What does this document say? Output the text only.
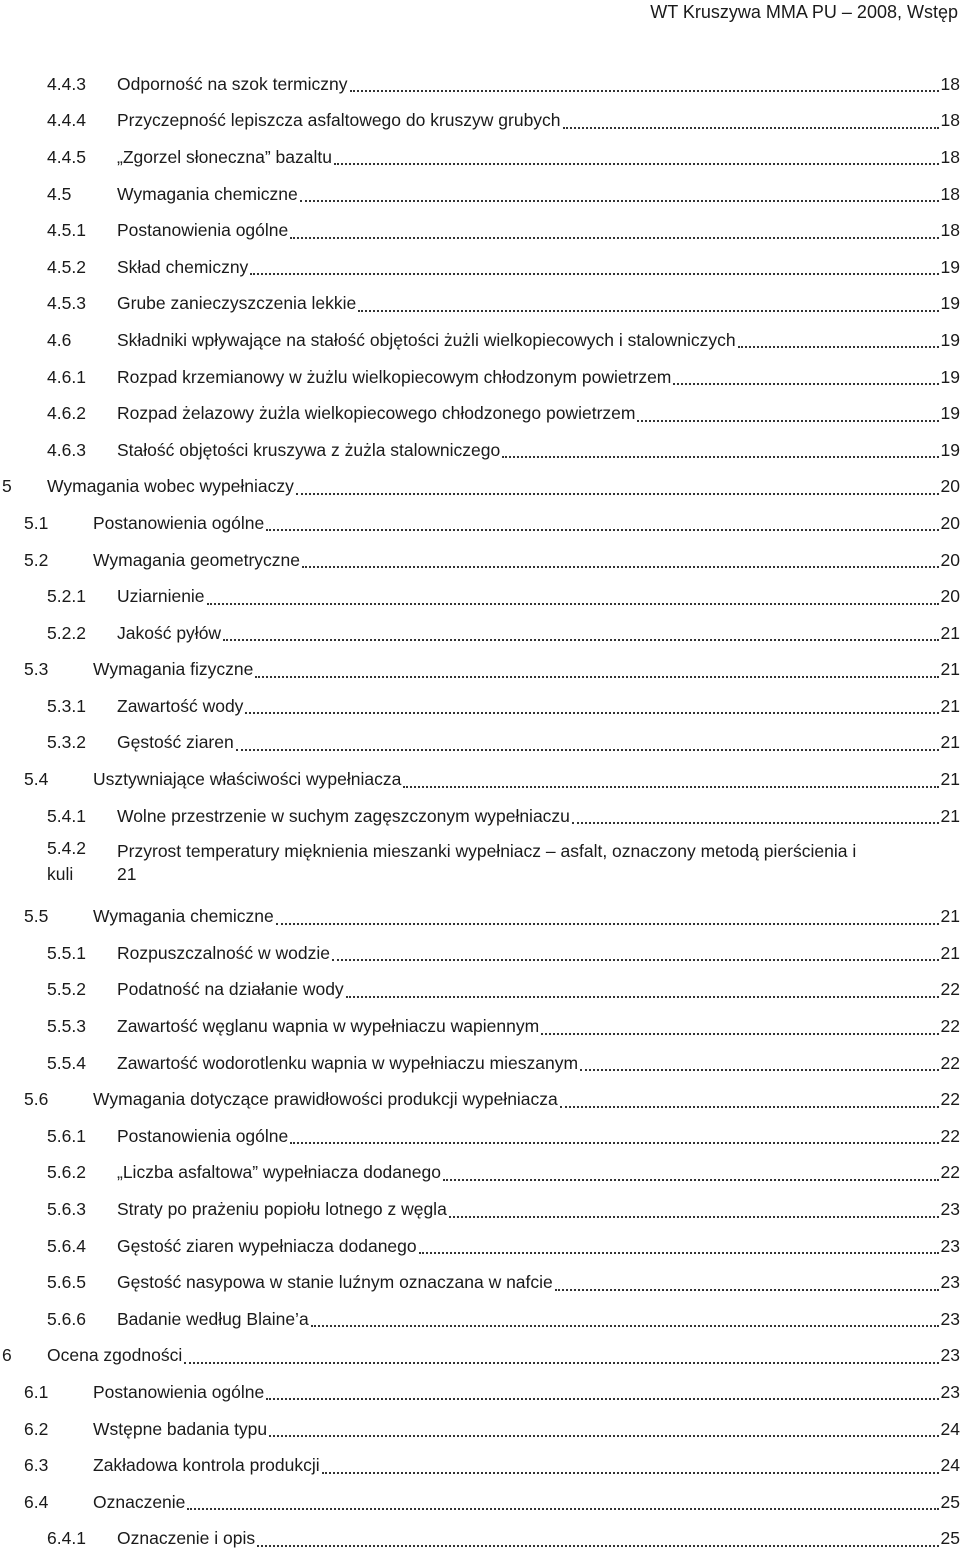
WT Kruszywa MMA PU – 2008, Wstęp
4.4.3 Odporność na szok termiczny	18
4.4.4 Przyczepność lepiszcza asfaltowego do kruszyw grubych	18
4.4.5 „Zgorzel słoneczna” bazaltu	18
4.5	Wymagania chemiczne	18
4.5.1 Postanowienia ogólne	18
4.5.2 Skład chemiczny	19
4.5.3 Grube zanieczyszczenia lekkie	19
4.6	Składniki wpływające na stałość objętości żużli wielkopiecowych i stalowniczych	19
4.6.1 Rozpad krzemianowy w żużlu wielkopiecowym chłodzonym powietrzem	19
4.6.2 Rozpad żelazowy żużla wielkopiecowego chłodzonego powietrzem	19
4.6.3 Stałość objętości kruszywa z żużla stalowniczego	19
5 Wymagania wobec wypełniaczy	20
5.1	Postanowienia ogólne	20
5.2	Wymagania geometryczne	20
5.2.1 Uziarnienie	20
5.2.2 Jakość pyłów	21
5.3	Wymagania fizyczne	21
5.3.1 Zawartość wody	21
5.3.2 Gęstość ziaren	21
5.4	Usztywniające właściwości wypełniacza	21
5.4.1 Wolne przestrzenie w suchym zagęszczonym wypełniaczu	21
5.4.2 Przyrost temperatury mięknienia mieszanki wypełniacz – asfalt, oznaczony metodą pierścienia i
kuli 21
5.5	Wymagania chemiczne	21
5.5.1 Rozpuszczalność w wodzie	21
5.5.2 Podatność na działanie wody	22
5.5.3 Zawartość węglanu wapnia w wypełniaczu wapiennym	22
5.5.4 Zawartość wodorotlenku wapnia w wypełniaczu mieszanym	22
5.6	Wymagania dotyczące prawidłowości produkcji wypełniacza	22
5.6.1 Postanowienia ogólne	22
5.6.2 „Liczba asfaltowa” wypełniacza dodanego	22
5.6.3 Straty po prażeniu popiołu lotnego z węgla	23
5.6.4 Gęstość ziaren wypełniacza dodanego	23
5.6.5 Gęstość nasypowa w stanie luźnym oznaczana w nafcie	23
5.6.6 Badanie według Blaine’a	23
6 Ocena zgodności	23
6.1	Postanowienia ogólne	23
6.2	Wstępne badania typu	24
6.3	Zakładowa kontrola produkcji	24
6.4	Oznaczenie	25
6.4.1 Oznaczenie i opis	25
